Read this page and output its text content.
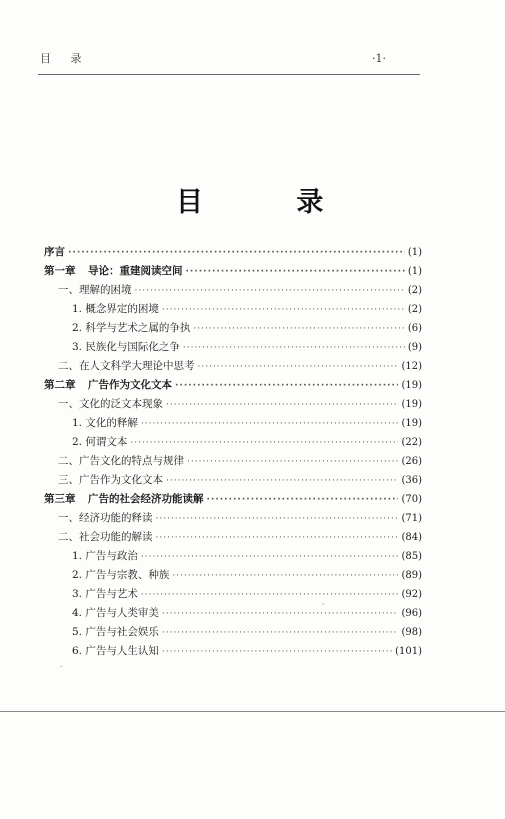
目 录	·1·
目 录
序言 ·····	(1)
第一章 导论：重建阅读空间 ·····	(1)
一、理解的困境 ·····	(2)
1. 概念界定的困境 ·····	(2)
2. 科学与艺术之属的争执 ·····	(6)
3. 民族化与国际化之争 ·····	(9)
二、在人文科学大理论中思考 ·····	(12)
第二章 广告作为文化文本 ·····	(19)
一、文化的泛文本现象 ·····	(19)
1. 文化的释解 ·····	(19)
2. 何谓文本 ·····	(22)
二、广告文化的特点与规律 ·····	(26)
三、广告作为文化文本 ·····	(36)
第三章 广告的社会经济功能读解 ·····	(70)
一、经济功能的释读 ·····	(71)
二、社会功能的解读 ·····	(84)
1. 广告与政治 ·····	(85)
2. 广告与宗教、种族 ·····	(89)
3. 广告与艺术 ·····	(92)
4. 广告与人类审美 ·····	(96)
5. 广告与社会娱乐 ·····	(98)
6. 广告与人生认知 ·····	(101)
·
.
